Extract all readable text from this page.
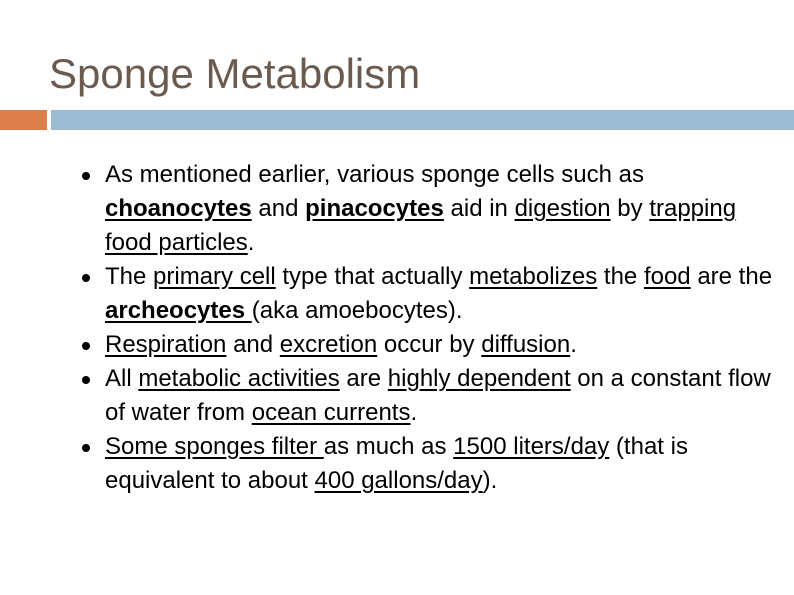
Sponge Metabolism
As mentioned earlier, various sponge cells such as choanocytes and pinacocytes aid in digestion by trapping food particles.
The primary cell type that actually metabolizes the food are the archeocytes (aka amoebocytes).
Respiration and excretion occur by diffusion.
All metabolic activities are highly dependent on a constant flow of water from ocean currents.
Some sponges filter as much as 1500 liters/day (that is equivalent to about 400 gallons/day).
